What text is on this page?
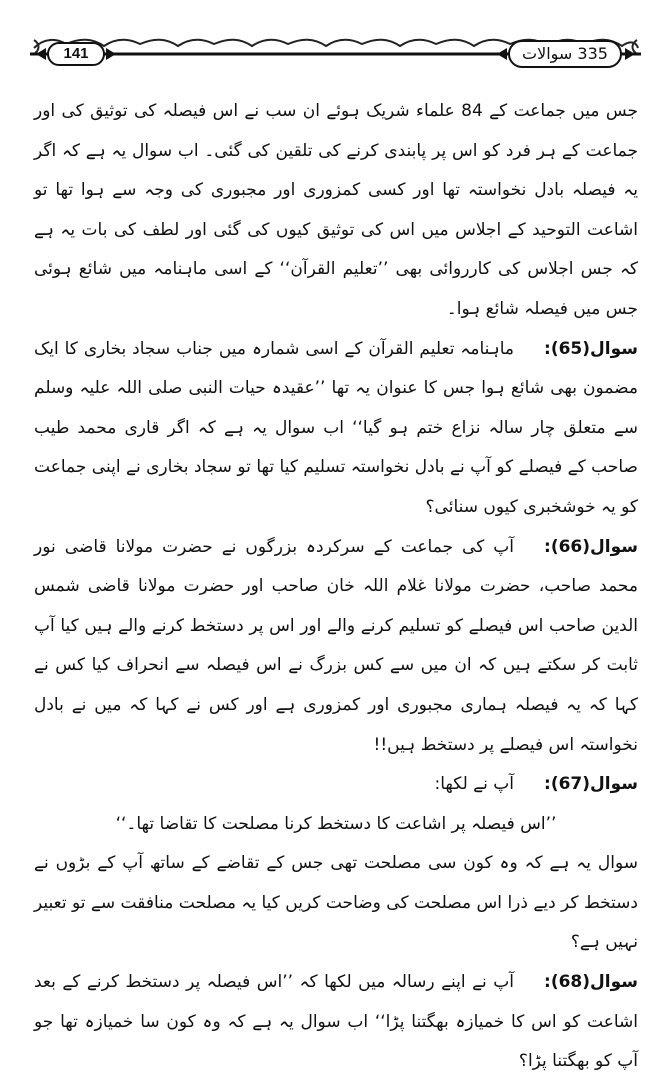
141	335 سوالات

جس میں جماعت کے 84 علماء شریک ہوئے ان سب نے اس فیصلہ کی توثیق کی اور جماعت کے ہر فرد کو اس پر پابندی کرنے کی تلقین کی گئی۔ اب سوال یہ ہے کہ اگر یہ فیصلہ بادل نخواستہ تھا اور کسی کمزوری اور مجبوری کی وجہ سے ہوا تھا تو اشاعت التوحید کے اجلاس میں اس کی توثیق کیوں کی گئی اور لطف کی بات یہ ہے کہ جس اجلاس کی کارروائی بھی ’’تعلیم القرآن‘‘ کے اسی ماہنامہ میں شائع ہوئی جس میں فیصلہ شائع ہوا۔

سوال(65):ماہنامہ تعلیم القرآن کے اسی شمارہ میں جناب سجاد بخاری کا ایک مضمون بھی شائع ہوا جس کا عنوان یہ تھا ’’عقیدہ حیات النبی صلی اللہ علیہ وسلم سے متعلق چار سالہ نزاع ختم ہو گیا‘‘ اب سوال یہ ہے کہ اگر قاری محمد طیب صاحب کے فیصلے کو آپ نے بادل نخواستہ تسلیم کیا تھا تو سجاد بخاری نے اپنی جماعت کو یہ خوشخبری کیوں سنائی؟

سوال(66):آپ کی جماعت کے سرکردہ بزرگوں نے حضرت مولانا قاضی نور محمد صاحب، حضرت مولانا غلام اللہ خان صاحب اور حضرت مولانا قاضی شمس الدین صاحب اس فیصلے کو تسلیم کرنے والے اور اس پر دستخط کرنے والے ہیں کیا آپ ثابت کر سکتے ہیں کہ ان میں سے کس بزرگ نے اس فیصلہ سے انحراف کیا کس نے کہا کہ یہ فیصلہ ہماری مجبوری اور کمزوری ہے اور کس نے کہا کہ میں نے بادل نخواستہ اس فیصلے پر دستخط ہیں!!

سوال(67):آپ نے لکھا:

’’اس فیصلہ پر اشاعت کا دستخط کرنا مصلحت کا تقاضا تھا۔‘‘

سوال یہ ہے کہ وہ کون سی مصلحت تھی جس کے تقاضے کے ساتھ آپ کے بڑوں نے دستخط کر دیے ذرا اس مصلحت کی وضاحت کریں کیا یہ مصلحت منافقت سے تو تعبیر نہیں ہے؟

سوال(68):آپ نے اپنے رسالہ میں لکھا کہ ’’اس فیصلہ پر دستخط کرنے کے بعد اشاعت کو اس کا خمیازہ بھگتنا پڑا‘‘ اب سوال یہ ہے کہ وہ کون سا خمیازہ تھا جو آپ کو بھگتنا پڑا؟
